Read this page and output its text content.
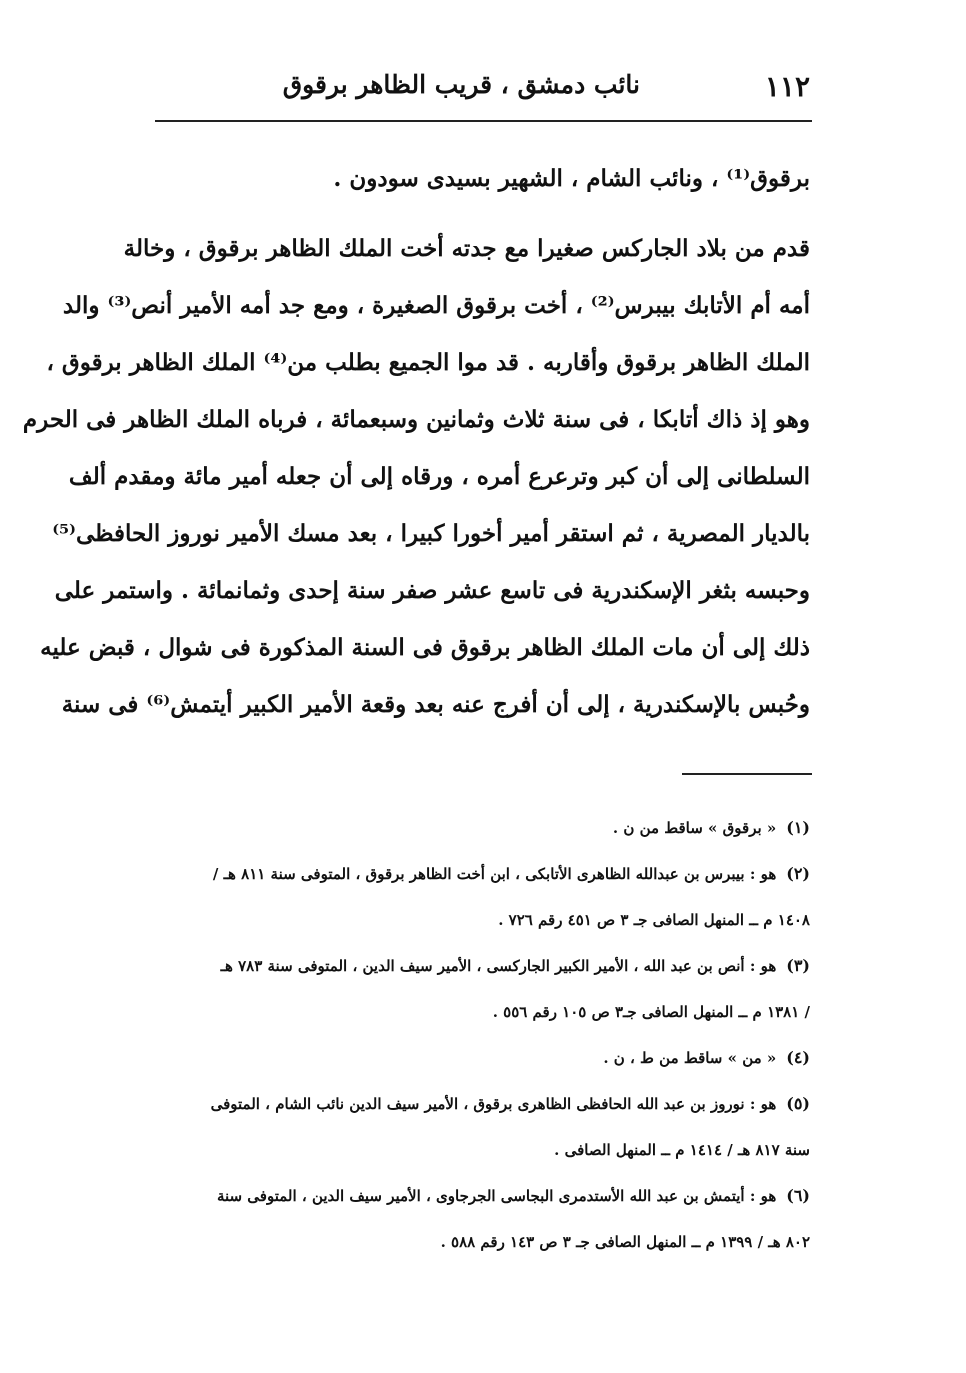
١١٢
نائب دمشق ، قريب الظاهر برقوق
برقوق⁽¹⁾ ، ونائب الشام ، الشهير بسيدى سودون .
قدم من بلاد الجاركس صغيرا مع جدته أخت الملك الظاهر برقوق ، وخالة
أمه أم الأتابك بيبرس⁽²⁾ ، أخت برقوق الصغيرة ، ومع جد أمه الأمير أنص⁽³⁾ والد
الملك الظاهر برقوق وأقاربه . قد موا الجميع بطلب من⁽⁴⁾ الملك الظاهر برقوق ،
وهو إذ ذاك أتابكا ، فى سنة ثلاث وثمانين وسبعمائة ، فرباه الملك الظاهر فى الحرم
السلطانى إلى أن كبر وترعرع أمره ، ورقاه إلى أن جعله أمير مائة ومقدم ألف
بالديار المصرية ، ثم استقر أمير أخورا كبيرا ، بعد مسك الأمير نوروز الحافظى⁽⁵⁾
وحبسه بثغر الإسكندرية فى تاسع عشر صفر سنة إحدى وثمانمائة . واستمر على
ذلك إلى أن مات الملك الظاهر برقوق فى السنة المذكورة فى شوال ، قبض عليه
وحُبس بالإسكندرية ، إلى أن أفرج عنه بعد وقعة الأمير الكبير أيتمش⁽⁶⁾ فى سنة
(١)« برقوق » ساقط من ن .
(٢)هو : بيبرس بن عبدالله الظاهرى الأتابكى ، ابن أخت الظاهر برقوق ، المتوفى سنة ٨١١ هـ /
١٤٠٨ م ــ المنهل الصافى جـ ٣ ص ٤٥١ رقم ٧٢٦ .
(٣)هو : أنص بن عبد الله ، الأمير الكبير الجاركسى ، الأمير سيف الدين ، المتوفى سنة ٧٨٣ هـ
/ ١٣٨١ م ــ المنهل الصافى جـ٣ ص ١٠٥ رقم ٥٥٦ .
(٤)« من » ساقط من ط ، ن .
(٥)هو : نوروز بن عبد الله الحافظى الظاهرى برقوق ، الأمير سيف الدين نائب الشام ، المتوفى
سنة ٨١٧ هـ / ١٤١٤ م ــ المنهل الصافى .
(٦)هو : أيتمش بن عبد الله الأستدمرى البجاسى الجرجاوى ، الأمير سيف الدين ، المتوفى سنة
٨٠٢ هـ / ١٣٩٩ م ــ المنهل الصافى جـ ٣ ص ١٤٣ رقم ٥٨٨ .
